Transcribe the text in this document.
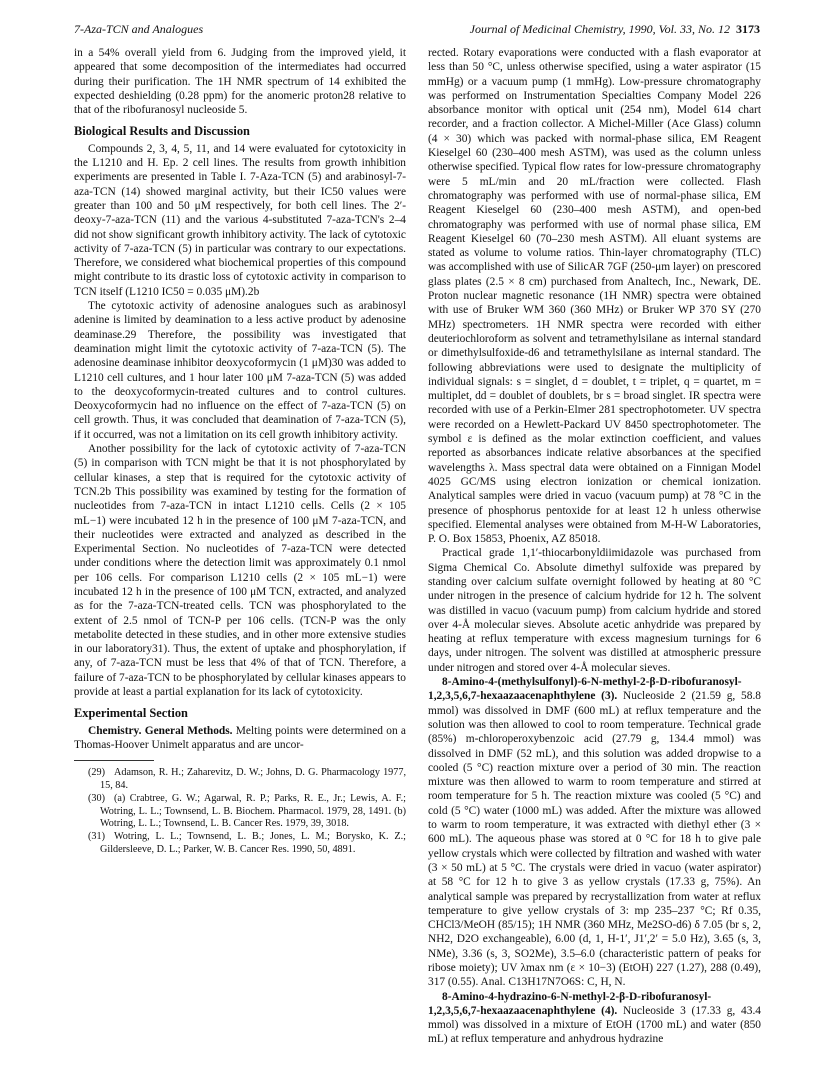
7-Aza-TCN and Analogues	Journal of Medicinal Chemistry, 1990, Vol. 33, No. 12 3173

in a 54% overall yield from 6. Judging from the improved yield, it appeared that some decomposition of the intermediates had occurred during their purification. The 1H NMR spectrum of 14 exhibited the expected deshielding (0.28 ppm) for the anomeric proton28 relative to that of the ribofuranosyl nucleoside 5.

Biological Results and Discussion

Compounds 2, 3, 4, 5, 11, and 14 were evaluated for cytotoxicity in the L1210 and H. Ep. 2 cell lines. The results from growth inhibition experiments are presented in Table I. 7-Aza-TCN (5) and arabinosyl-7-aza-TCN (14) showed marginal activity, but their IC50 values were greater than 100 and 50 μM respectively, for both cell lines. The 2′-deoxy-7-aza-TCN (11) and the various 4-substituted 7-aza-TCN's 2–4 did not show significant growth inhibitory activity. The lack of cytotoxic activity of 7-aza-TCN (5) in particular was contrary to our expectations. Therefore, we considered what biochemical properties of this compound might contribute to its drastic loss of cytotoxic activity in comparison to TCN itself (L1210 IC50 = 0.035 μM).2b

The cytotoxic activity of adenosine analogues such as arabinosyl adenine is limited by deamination to a less active product by adenosine deaminase.29 Therefore, the possibility was investigated that deamination might limit the cytotoxic activity of 7-aza-TCN (5). The adenosine deaminase inhibitor deoxycoformycin (1 μM)30 was added to L1210 cell cultures, and 1 hour later 100 μM 7-aza-TCN (5) was added to the deoxycoformycin-treated cultures and to control cultures. Deoxycoformycin had no influence on the effect of 7-aza-TCN (5) on cell growth. Thus, it was concluded that deamination of 7-aza-TCN (5), if it occurred, was not a limitation on its cell growth inhibitory activity.

Another possibility for the lack of cytotoxic activity of 7-aza-TCN (5) in comparison with TCN might be that it is not phosphorylated by cellular kinases, a step that is required for the cytotoxic activity of TCN.2b This possibility was examined by testing for the formation of nucleotides from 7-aza-TCN in intact L1210 cells. Cells (2 × 105 mL−1) were incubated 12 h in the presence of 100 μM 7-aza-TCN, and their nucleotides were extracted and analyzed as described in the Experimental Section. No nucleotides of 7-aza-TCN were detected under conditions where the detection limit was approximately 0.1 nmol per 106 cells. For comparison L1210 cells (2 × 105 mL−1) were incubated 12 h in the presence of 100 μM TCN, extracted, and analyzed as for the 7-aza-TCN-treated cells. TCN was phosphorylated to the extent of 2.5 nmol of TCN-P per 106 cells. (TCN-P was the only metabolite detected in these studies, and in other more extensive studies in our laboratory31). Thus, the extent of uptake and phosphorylation, if any, of 7-aza-TCN must be less that 4% of that of TCN. Therefore, a failure of 7-aza-TCN to be phosphorylated by cellular kinases appears to provide at least a partial explanation for its lack of cytotoxicity.

Experimental Section

Chemistry. General Methods. Melting points were determined on a Thomas-Hoover Unimelt apparatus and are uncor-

(29) Adamson, R. H.; Zaharevitz, D. W.; Johns, D. G. Pharmacology 1977, 15, 84.

(30) (a) Crabtree, G. W.; Agarwal, R. P.; Parks, R. E., Jr.; Lewis, A. F.; Wotring, L. L.; Townsend, L. B. Biochem. Pharmacol. 1979, 28, 1491. (b) Wotring, L. L.; Townsend, L. B. Cancer Res. 1979, 39, 3018.

(31) Wotring, L. L.; Townsend, L. B.; Jones, L. M.; Borysko, K. Z.; Gildersleeve, D. L.; Parker, W. B. Cancer Res. 1990, 50, 4891.

rected. Rotary evaporations were conducted with a flash evaporator at less than 50 °C, unless otherwise specified, using a water aspirator (15 mmHg) or a vacuum pump (1 mmHg). Low-pressure chromatography was performed on Instrumentation Specialties Company Model 226 absorbance monitor with optical unit (254 nm), Model 614 chart recorder, and a fraction collector. A Michel-Miller (Ace Glass) column (4 × 30) which was packed with normal-phase silica, EM Reagent Kieselgel 60 (230–400 mesh ASTM), was used as the column unless otherwise specified. Typical flow rates for low-pressure chromatography were 5 mL/min and 20 mL/fraction were collected. Flash chromatography was performed with use of normal-phase silica, EM Reagent Kieselgel 60 (230–400 mesh ASTM), and open-bed chromatography was performed with use of normal phase silica, EM Reagent Kieselgel 60 (70–230 mesh ASTM). All eluant systems are stated as volume to volume ratios. Thin-layer chromatography (TLC) was accomplished with use of SilicAR 7GF (250-μm layer) on prescored glass plates (2.5 × 8 cm) purchased from Analtech, Inc., Newark, DE. Proton nuclear magnetic resonance (1H NMR) spectra were obtained with use of Bruker WM 360 (360 MHz) or Bruker WP 370 SY (270 MHz) spectrometers. 1H NMR spectra were recorded with either deuteriochloroform as solvent and tetramethylsilane as internal standard or dimethylsulfoxide-d6 and tetramethylsilane as internal standard. The following abbreviations were used to designate the multiplicity of individual signals: s = singlet, d = doublet, t = triplet, q = quartet, m = multiplet, dd = doublet of doublets, br s = broad singlet. IR spectra were recorded with use of a Perkin-Elmer 281 spectrophotometer. UV spectra were recorded on a Hewlett-Packard UV 8450 spectrophotometer. The symbol ε is defined as the molar extinction coefficient, and values reported as absorbances indicate relative absorbances at the specified wavelengths λ. Mass spectral data were obtained on a Finnigan Model 4025 GC/MS using electron ionization or chemical ionization. Analytical samples were dried in vacuo (vacuum pump) at 78 °C in the presence of phosphorus pentoxide for at least 12 h unless otherwise specified. Elemental analyses were obtained from M-H-W Laboratories, P. O. Box 15853, Phoenix, AZ 85018.

Practical grade 1,1′-thiocarbonyldiimidazole was purchased from Sigma Chemical Co. Absolute dimethyl sulfoxide was prepared by standing over calcium sulfate overnight followed by heating at 80 °C under nitrogen in the presence of calcium hydride for 12 h. The solvent was distilled in vacuo (vacuum pump) from calcium hydride and stored over 4-Å molecular sieves. Absolute acetic anhydride was prepared by heating at reflux temperature with excess magnesium turnings for 6 days, under nitrogen. The solvent was distilled at atmospheric pressure under nitrogen and stored over 4-Å molecular sieves.

8-Amino-4-(methylsulfonyl)-6-N-methyl-2-β-D-ribofuranosyl-1,2,3,5,6,7-hexaazaacenaphthylene (3). Nucleoside 2 (21.59 g, 58.8 mmol) was dissolved in DMF (600 mL) at reflux temperature and the solution was then allowed to cool to room temperature. Technical grade (85%) m-chloroperoxybenzoic acid (27.79 g, 134.4 mmol) was dissolved in DMF (52 mL), and this solution was added dropwise to a cooled (5 °C) reaction mixture over a period of 30 min. The reaction mixture was then allowed to warm to room temperature and stirred at room temperature for 5 h. The reaction mixture was cooled (5 °C) and cold (5 °C) water (1000 mL) was added. After the mixture was allowed to warm to room temperature, it was extracted with diethyl ether (3 × 600 mL). The aqueous phase was stored at 0 °C for 18 h to give pale yellow crystals which were collected by filtration and washed with water (3 × 50 mL) at 5 °C. The crystals were dried in vacuo (water aspirator) at 58 °C for 12 h to give 3 as yellow crystals (17.33 g, 75%). An analytical sample was prepared by recrystallization from water at reflux temperature to give yellow crystals of 3: mp 235–237 °C; Rf 0.35, CHCl3/MeOH (85/15); 1H NMR (360 MHz, Me2SO-d6) δ 7.05 (br s, 2, NH2, D2O exchangeable), 6.00 (d, 1, H-1′, J1′,2′ = 5.0 Hz), 3.65 (s, 3, NMe), 3.36 (s, 3, SO2Me), 3.5–6.0 (characteristic pattern of peaks for ribose moiety); UV λmax nm (ε × 10−3) (EtOH) 227 (1.27), 288 (0.49), 317 (0.55). Anal. C13H17N7O6S: C, H, N.

8-Amino-4-hydrazino-6-N-methyl-2-β-D-ribofuranosyl-1,2,3,5,6,7-hexaazaacenaphthylene (4). Nucleoside 3 (17.33 g, 43.4 mmol) was dissolved in a mixture of EtOH (1700 mL) and water (850 mL) at reflux temperature and anhydrous hydrazine
